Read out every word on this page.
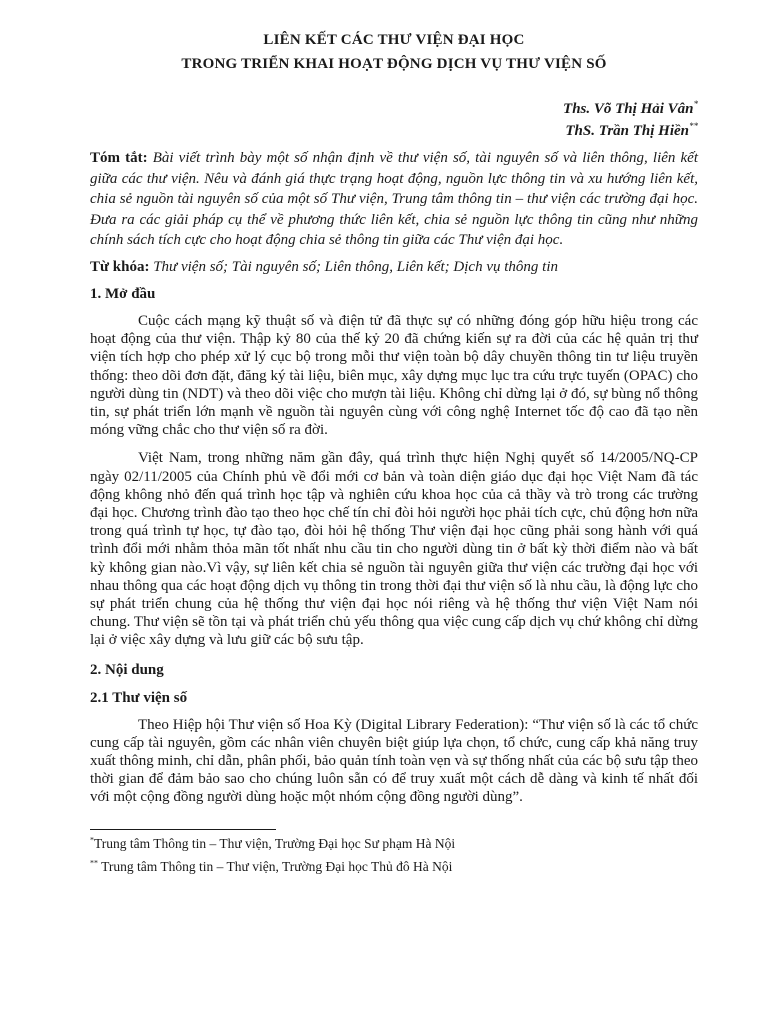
LIÊN KẾT CÁC THƯ VIỆN ĐẠI HỌC
TRONG TRIỂN KHAI HOẠT ĐỘNG DỊCH VỤ THƯ VIỆN SỐ
Ths. Võ Thị Hải Vân*
ThS. Trần Thị Hiền**
Tóm tắt: Bài viết trình bày một số nhận định về thư viện số, tài nguyên số và liên thông, liên kết giữa các thư viện. Nêu và đánh giá thực trạng hoạt động, nguồn lực thông tin và xu hướng liên kết, chia sẻ nguồn tài nguyên số của một số Thư viện, Trung tâm thông tin – thư viện các trường đại học. Đưa ra các giải pháp cụ thể về phương thức liên kết, chia sẻ nguồn lực thông tin cũng như những chính sách tích cực cho hoạt động chia sẻ thông tin giữa các Thư viện đại học.
Từ khóa: Thư viện số; Tài nguyên số; Liên thông, Liên kết; Dịch vụ thông tin
1. Mở đầu

Cuộc cách mạng kỹ thuật số và điện tử đã thực sự có những đóng góp hữu hiệu trong các hoạt động của thư viện. Thập kỷ 80 của thế kỷ 20 đã chứng kiến sự ra đời của các hệ quản trị thư viện tích hợp cho phép xử lý cục bộ trong mỗi thư viện toàn bộ dây chuyền thông tin tư liệu truyền thống: theo dõi đơn đặt, đăng ký tài liệu, biên mục, xây dựng mục lục tra cứu trực tuyến (OPAC) cho người dùng tin (NDT) và theo dõi việc cho mượn tài liệu. Không chỉ dừng lại ở đó, sự bùng nổ thông tin, sự phát triển lớn mạnh về nguồn tài nguyên cùng với công nghệ Internet tốc độ cao đã tạo nền móng vững chắc cho thư viện số ra đời.

Việt Nam, trong những năm gần đây, quá trình thực hiện Nghị quyết số 14/2005/NQ-CP ngày 02/11/2005 của Chính phủ về đổi mới cơ bản và toàn diện giáo dục đại học Việt Nam đã tác động không nhỏ đến quá trình học tập và nghiên cứu khoa học của cả thầy và trò trong các trường đại học. Chương trình đào tạo theo học chế tín chỉ đòi hỏi người học phải tích cực, chủ động hơn nữa trong quá trình tự học, tự đào tạo, đòi hỏi hệ thống Thư viện đại học cũng phải song hành với quá trình đổi mới nhằm thỏa mãn tốt nhất nhu cầu tin cho người dùng tin ở bất kỳ thời điểm nào và bất kỳ không gian nào.Vì vậy, sự liên kết chia sẻ nguồn tài nguyên giữa thư viện các trường đại học với nhau thông qua các hoạt động dịch vụ thông tin trong thời đại thư viện số là nhu cầu, là động lực cho sự phát triển chung của hệ thống thư viện đại học nói riêng và hệ thống thư viện Việt Nam nói chung. Thư viện sẽ tồn tại và phát triển chủ yếu thông qua việc cung cấp dịch vụ chứ không chỉ dừng lại ở việc xây dựng và lưu giữ các bộ sưu tập.

2. Nội dung
2.1 Thư viện số

Theo Hiệp hội Thư viện số Hoa Kỳ (Digital Library Federation): “Thư viện số là các tổ chức cung cấp tài nguyên, gồm các nhân viên chuyên biệt giúp lựa chọn, tổ chức, cung cấp khả năng truy xuất thông minh, chỉ dẫn, phân phối, bảo quản tính toàn vẹn và sự thống nhất của các bộ sưu tập theo thời gian để đảm bảo sao cho chúng luôn sẵn có để truy xuất một cách dễ dàng và kinh tế nhất đối với một cộng đồng người dùng hoặc một nhóm cộng đồng người dùng”.

*Trung tâm Thông tin – Thư viện, Trường Đại học Sư phạm Hà Nội
** Trung tâm Thông tin – Thư viện, Trường Đại học Thủ đô Hà Nội
